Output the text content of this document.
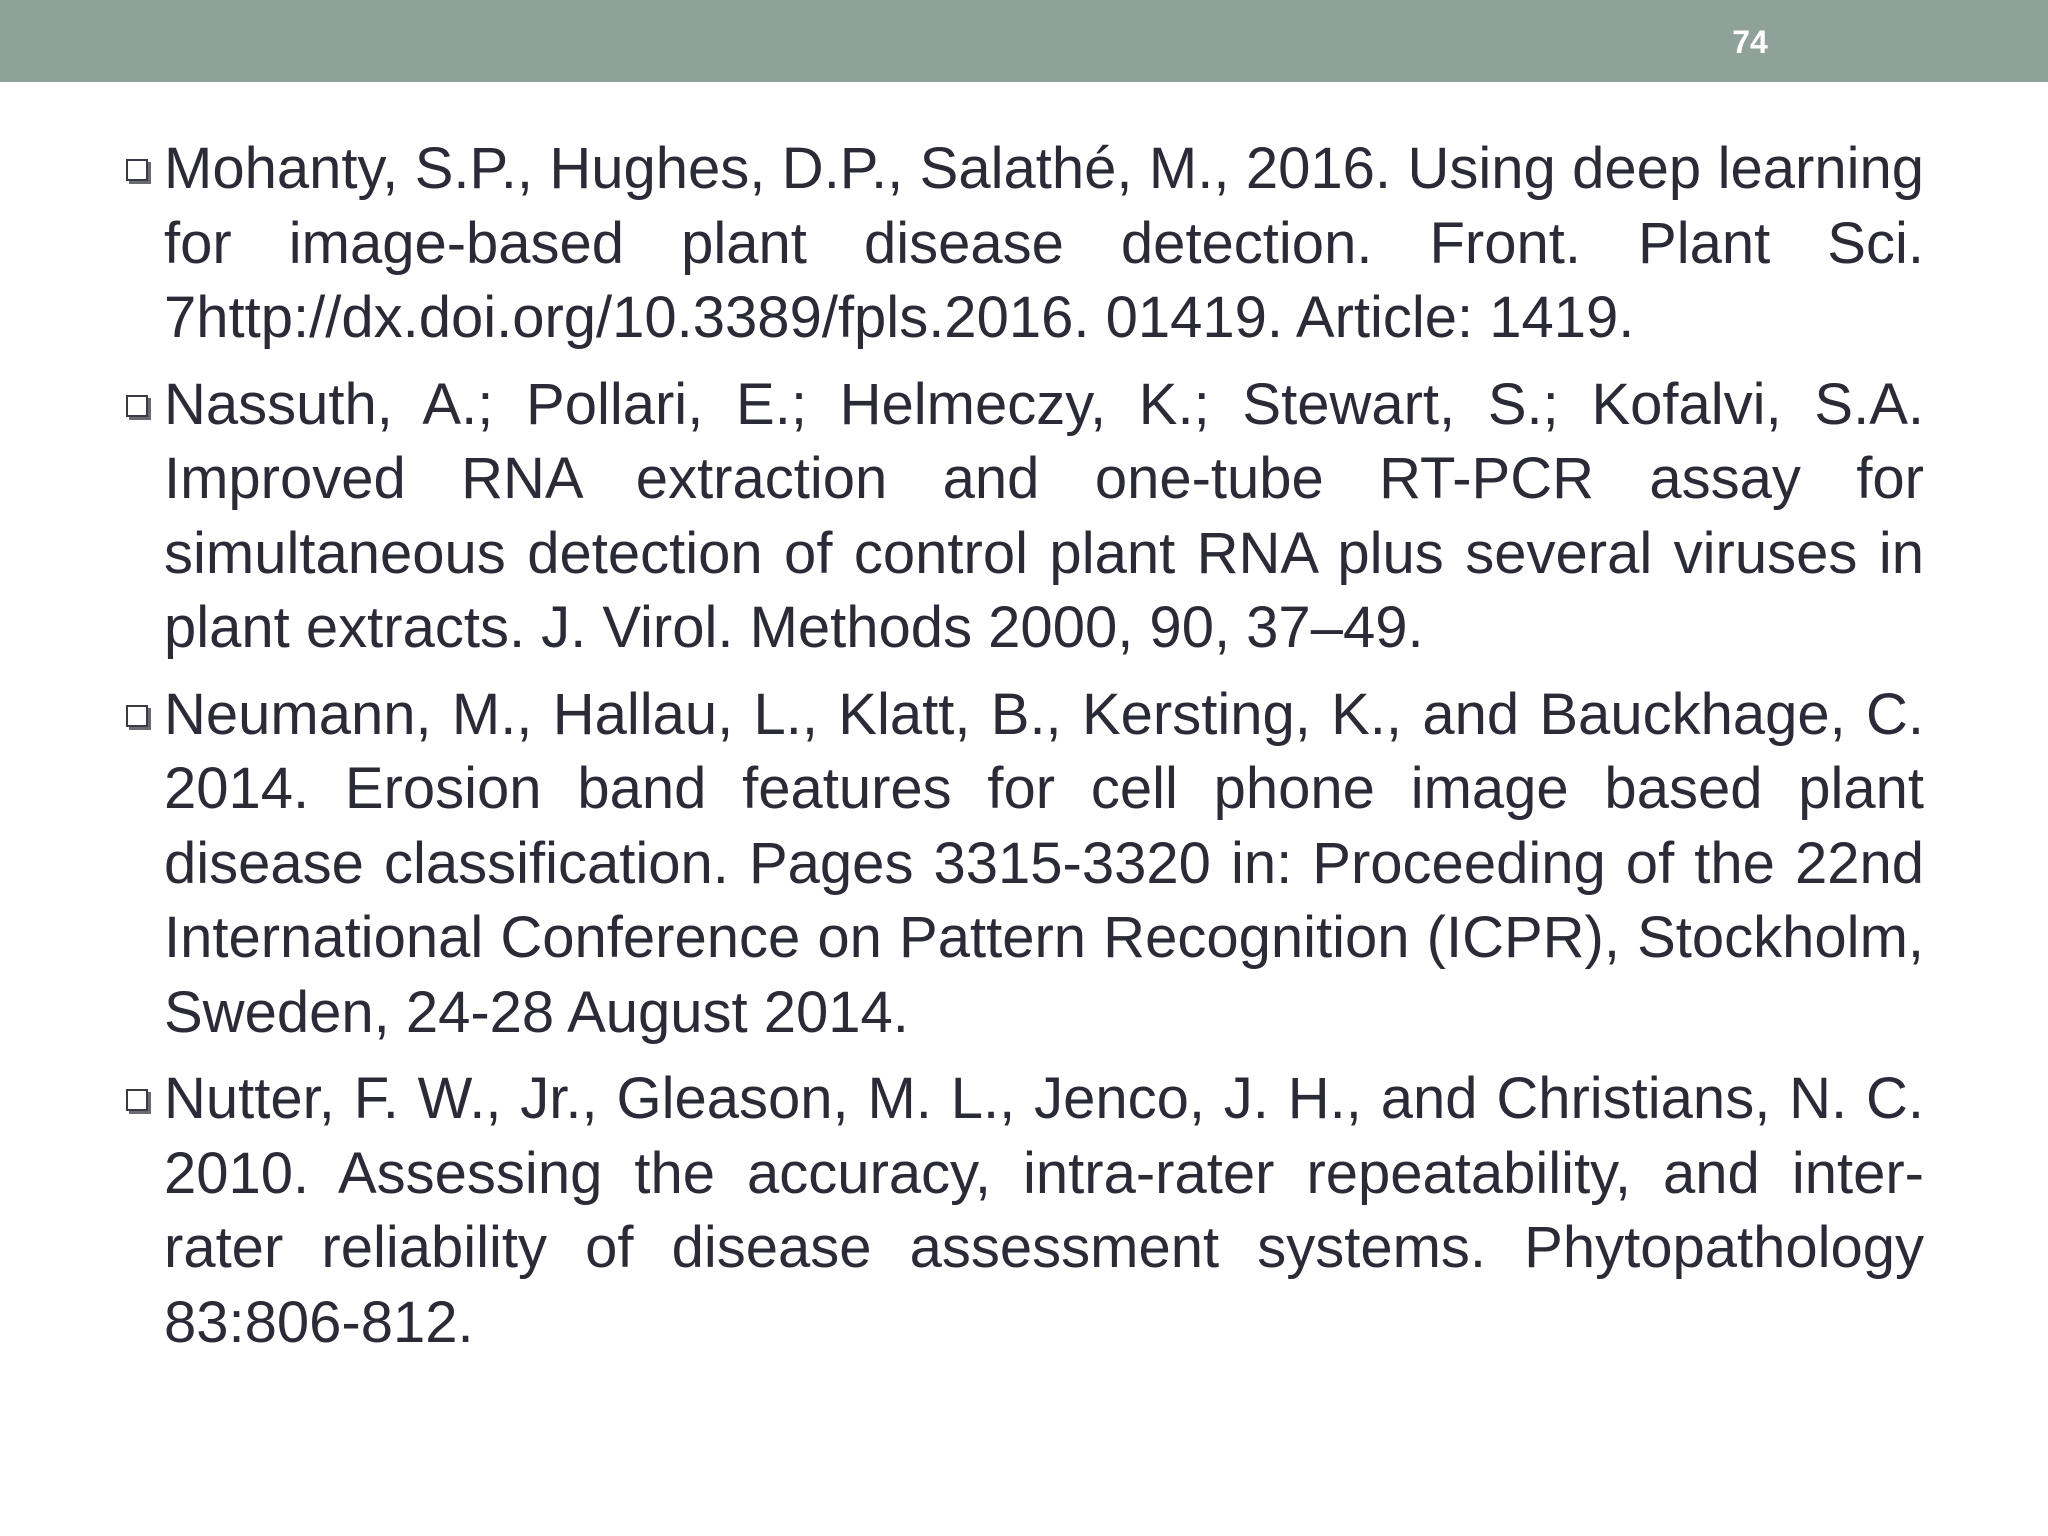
74
Mohanty, S.P., Hughes, D.P., Salathé, M., 2016. Using deep learning for image-based plant disease detection. Front. Plant Sci. 7http://dx.doi.org/10.3389/fpls.2016. 01419. Article: 1419.
Nassuth, A.; Pollari, E.; Helmeczy, K.; Stewart, S.; Kofalvi, S.A. Improved RNA extraction and one-tube RT-PCR assay for simultaneous detection of control plant RNA plus several viruses in plant extracts. J. Virol. Methods 2000, 90, 37–49.
Neumann, M., Hallau, L., Klatt, B., Kersting, K., and Bauckhage, C. 2014. Erosion band features for cell phone image based plant disease classification. Pages 3315-3320 in: Proceeding of the 22nd International Conference on Pattern Recognition (ICPR), Stockholm, Sweden, 24-28 August 2014.
Nutter, F. W., Jr., Gleason, M. L., Jenco, J. H., and Christians, N. C. 2010. Assessing the accuracy, intra-rater repeatability, and inter-rater reliability of disease assessment systems. Phytopathology 83:806-812.
